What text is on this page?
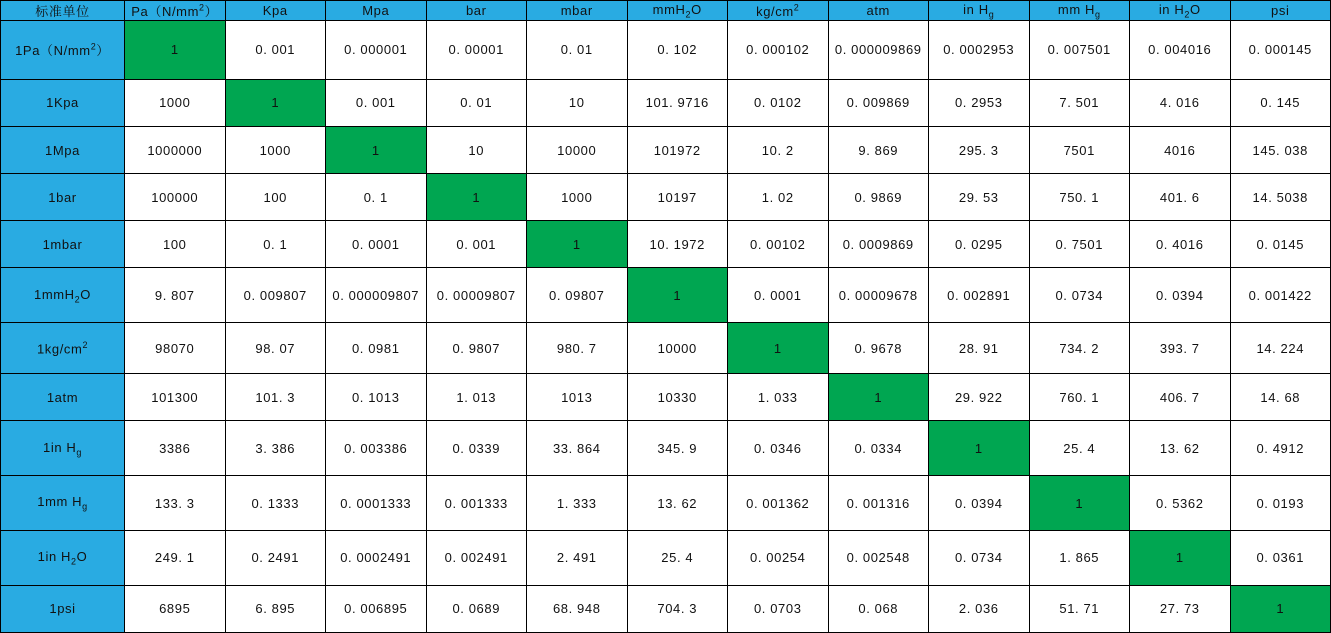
标准单位	$Pa(N/mm^2)$	Kpa	Mpa	bar	mbar	mmH$_2$O	$kg/cm^2$	atm	in $H_g$	mm $H_g$	in $H_2O$	psi
$1Pa(N/mm^2)$	1	0. 001	0. 000001	0. 00001	0. 01	0. 102	0. 000102	0. 000009869	0. 0002953	0. 007501	0. 004016	0. 000145
1Kpa	1000	1	0. 001	0. 01	10	101. 9716	0. 0102	0. 009869	0. 2953	7. 501	4. 016	0. 145
1Mpa	1000000	1000	1	10	10000	101972	10. 2	9. 869	295. 3	7501	4016	145. 038
1bar	100000	100	0. 1	1	1000	10197	1. 02	0. 9869	29. 53	750. 1	401. 6	14. 5038
1mbar	100	0. 1	0. 0001	0. 001	1	10. 1972	0. 00102	0. 0009869	0. 0295	0. 7501	0. 4016	0. 0145
1mmH$_2$O	9. 807	0. 009807	0. 000009807	0. 00009807	0. 09807	1	0. 0001	0. 00009678	0. 002891	0. 0734	0. 0394	0. 001422
$1kg/cm^2$	98070	98. 07	0. 0981	0. 9807	980. 7	10000	1	0. 9678	28. 91	734. 2	393. 7	14. 224
1atm	101300	101. 3	0. 1013	1. 013	1013	10330	1. 033	1	29. 922	760. 1	406. 7	14. 68
1in $H_g$	3386	3. 386	0. 003386	0. 0339	33. 864	345. 9	0. 0346	0. 0334	1	25. 4	13. 62	0. 4912
1mm $H_g$	133. 3	0. 1333	0. 0001333	0. 001333	1. 333	13. 62	0. 001362	0. 001316	0. 0394	1	0. 5362	0. 0193
1in $H_2O$	249. 1	0. 2491	0. 0002491	0. 002491	2. 491	25. 4	0. 00254	0. 002548	0. 0734	1. 865	1	0. 0361
1psi	6895	6. 895	0. 006895	0. 0689	68. 948	704. 3	0. 0703	0. 068	2. 036	51. 71	27. 73	1
